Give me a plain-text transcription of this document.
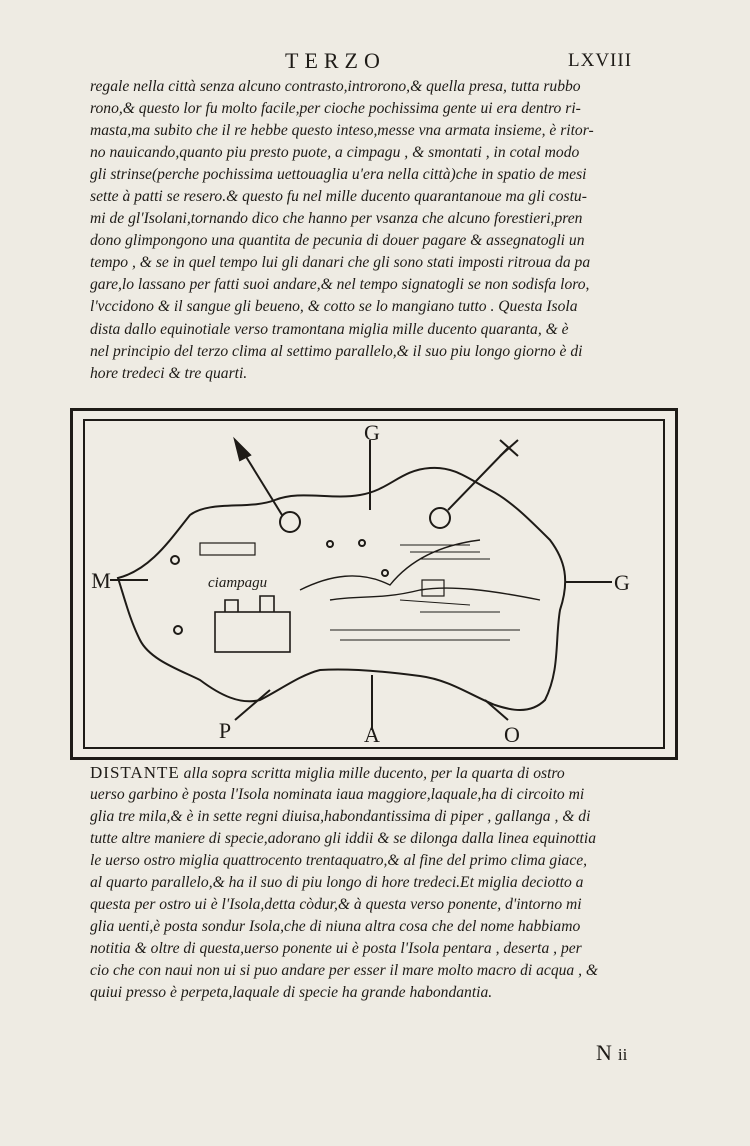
TERZO	LXVIII
regale nella città senza alcuno contrasto,introrono,& quella presa, tutta rubbo
rono,& questo lor fu molto facile,per cioche pochissima gente ui era dentro ri-
masta,ma subito che il re hebbe questo inteso,messe vna armata insieme, è ritor-
no nauicando,quanto piu presto puote, a cimpagu , & smontati , in cotal modo
gli strinse(perche pochissima uettouaglia u'era nella città)che in spatio de mesi
sette à patti se resero.& questo fu nel mille ducento quarantanoue ma gli costu-
mi de gl'Isolani,tornando dico che hanno per vsanza che alcuno forestieri,pren
dono glimpongono una quantita de pecunia di douer pagare & assegnatogli un
tempo , & se in quel tempo lui gli danari che gli sono stati imposti ritroua da pa
gare,lo lassano per fatti suoi andare,& nel tempo signatogli se non sodisfa loro,
l'vccidono & il sangue gli beueno, & cotto se lo mangiano tutto . Questa Isola
dista dallo equinotiale verso tramontana miglia mille ducento quaranta, & è
nel principio del terzo clima al settimo parallelo,& il suo piu longo giorno è di
hore tredeci & tre quarti.
G
M	G
P	A	O
ciampagu
DISTANTE alla sopra scritta miglia mille ducento, per la quarta di ostro
uerso garbino è posta l'Isola nominata iaua maggiore,laquale,ha di circoito mi
glia tre mila,& è in sette regni diuisa,habondantissima di piper , gallanga , & di
tutte altre maniere di specie,adorano gli iddii & se dilonga dalla linea equinottia
le uerso ostro miglia quattrocento trentaquatro,& al fine del primo clima giace,
al quarto parallelo,& ha il suo di piu longo di hore tredeci.Et miglia deciotto a
questa per ostro ui è l'Isola,detta còdur,& à questa verso ponente, d'intorno mi
glia uenti,è posta sondur Isola,che di niuna altra cosa che del nome habbiamo
notitia & oltre di questa,uerso ponente ui è posta l'Isola pentara , deserta , per
cio che con naui non ui si puo andare per esser il mare molto macro di acqua , &
quiui presso è perpeta,laquale di specie ha grande habondantia.
N ii
